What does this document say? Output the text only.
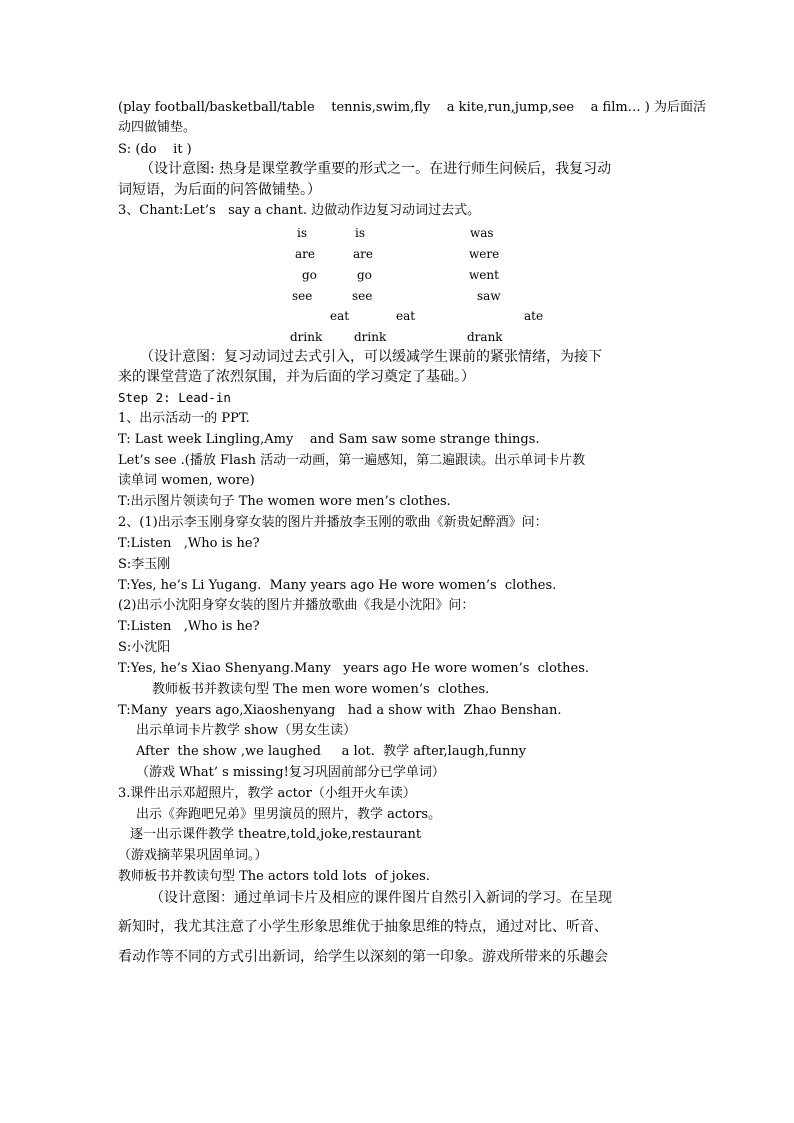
(play football/basketball/table    tennis,swim,fly    a kite,run,jump,see    a film… ) 为后面活
动四做铺垫。
S: (do    it )
（设计意图: 热身是课堂教学重要的形式之一。在进行师生问候后，我复习动
词短语，为后面的问答做铺垫。）
3、Chant:Let’s   say a chant. 边做动作边复习动词过去式。
is	is	was
are	are	were
go	go	went
see	see	saw
eat	eat	ate
drink	drink	drank
（设计意图：复习动词过去式引入，可以缓减学生课前的紧张情绪，为接下
来的课堂营造了浓烈氛围，并为后面的学习奠定了基础。）
Step 2: Lead-in
1、出示活动一的 PPT.
T: Last week Lingling,Amy    and Sam saw some strange things.
Let’s see .(播放 Flash 活动一动画，第一遍感知，第二遍跟读。出示单词卡片教
读单词 women, wore)
T:出示图片领读句子 The women wore men’s clothes.
2、(1)出示李玉刚身穿女装的图片并播放李玉刚的歌曲《新贵妃醉酒》问：
T:Listen   ,Who is he?
S:李玉刚
T:Yes, he’s Li Yugang.  Many years ago He wore women’s  clothes.
(2)出示小沈阳身穿女装的图片并播放歌曲《我是小沈阳》问：
T:Listen   ,Who is he?
S:小沈阳
T:Yes, he’s Xiao Shenyang.Many   years ago He wore women’s  clothes.
教师板书并教读句型 The men wore women’s  clothes.
T:Many  years ago,Xiaoshenyang   had a show with  Zhao Benshan.
出示单词卡片教学 show（男女生读）
After  the show ,we laughed     a lot.  教学 after,laugh,funny
（游戏 What’ s missing!复习巩固前部分已学单词）
3.课件出示邓超照片，教学 actor（小组开火车读）
出示《奔跑吧兄弟》里男演员的照片，教学 actors。
逐一出示课件教学 theatre,told,joke,restaurant
（游戏摘苹果巩固单词。）
教师板书并教读句型 The actors told lots  of jokes.
（设计意图：通过单词卡片及相应的课件图片自然引入新词的学习。在呈现
新知时，我尤其注意了小学生形象思维优于抽象思维的特点，通过对比、听音、
看动作等不同的方式引出新词，给学生以深刻的第一印象。游戏所带来的乐趣会
